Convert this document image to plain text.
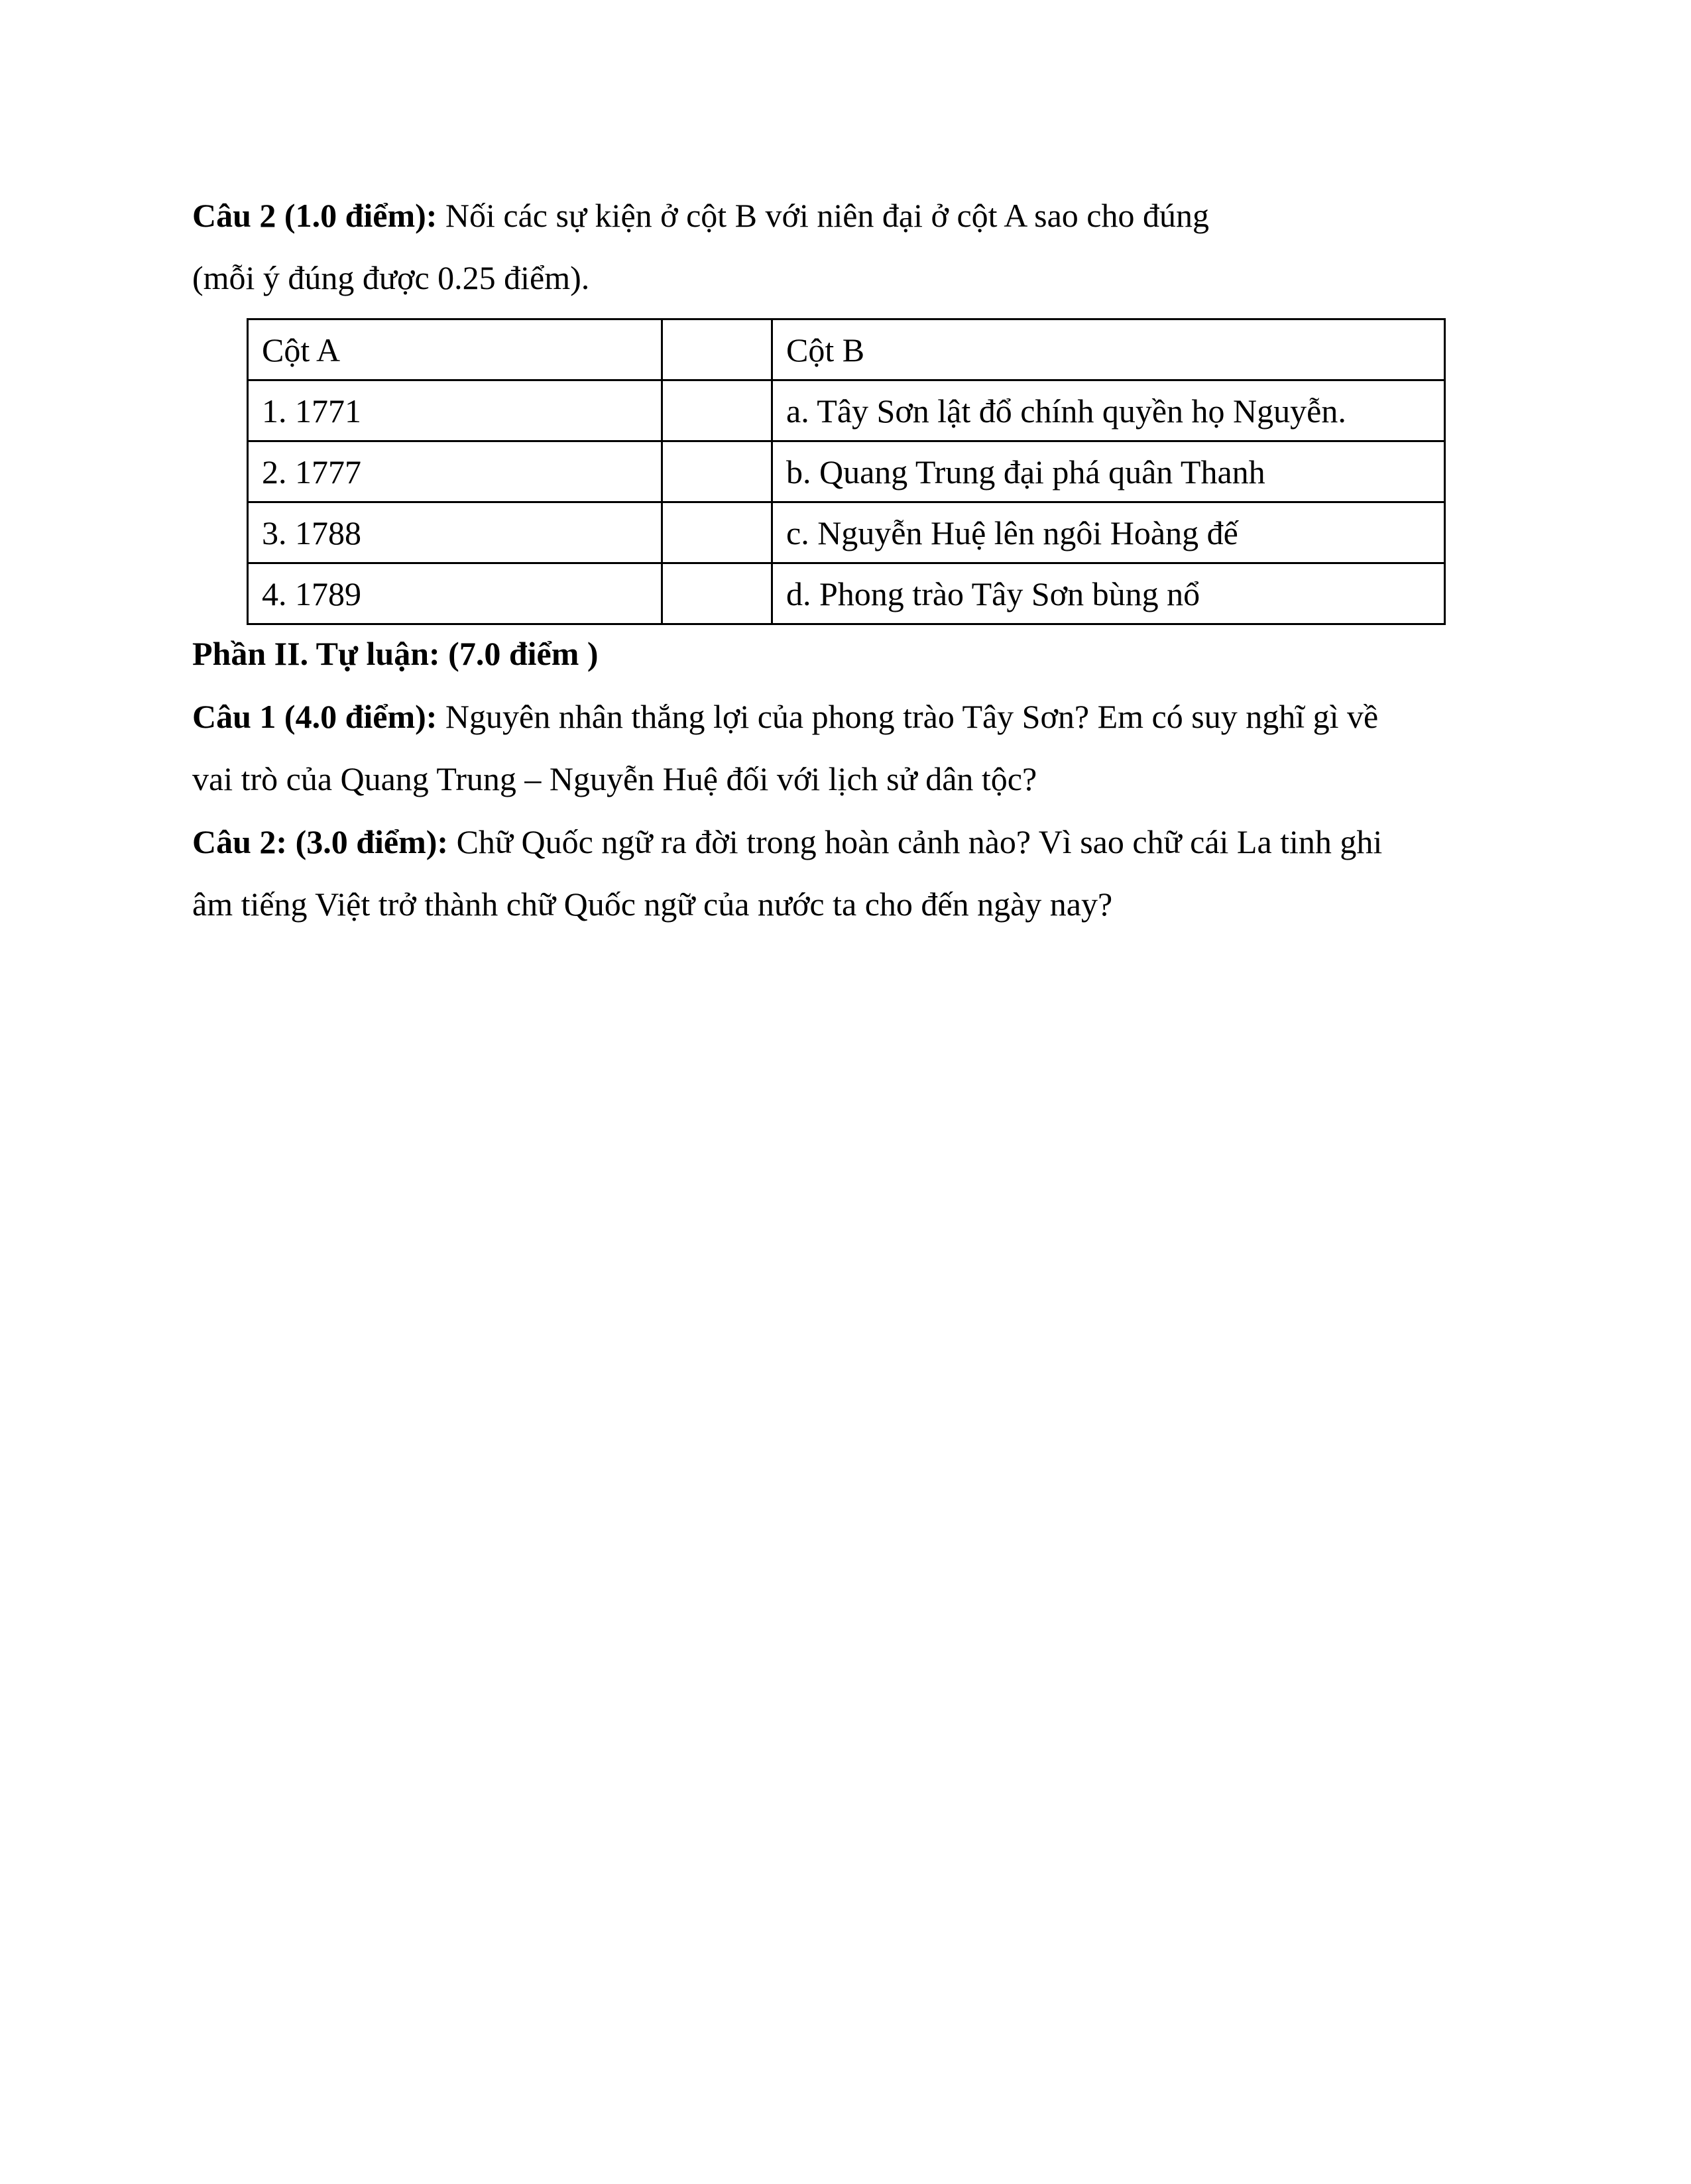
Câu 2 (1.0 điểm): Nối các sự kiện ở cột B với niên đại ở cột A sao cho đúng
(mỗi ý đúng được 0.25 điểm).
Cột A		Cột B
1. 1771		a. Tây Sơn lật đổ chính quyền họ Nguyễn.
2. 1777		b. Quang Trung đại phá quân Thanh
3. 1788		c. Nguyễn Huệ lên ngôi Hoàng đế
4. 1789		d. Phong trào Tây Sơn bùng nổ
Phần II. Tự luận: (7.0 điểm )
Câu 1 (4.0 điểm): Nguyên nhân thắng lợi của phong trào Tây Sơn? Em có suy nghĩ gì về
vai trò của Quang Trung – Nguyễn Huệ đối với lịch sử dân tộc?
Câu 2: (3.0 điểm): Chữ Quốc ngữ ra đời trong hoàn cảnh nào? Vì sao chữ cái La tinh ghi
âm tiếng Việt trở thành chữ Quốc ngữ của nước ta cho đến ngày nay?
